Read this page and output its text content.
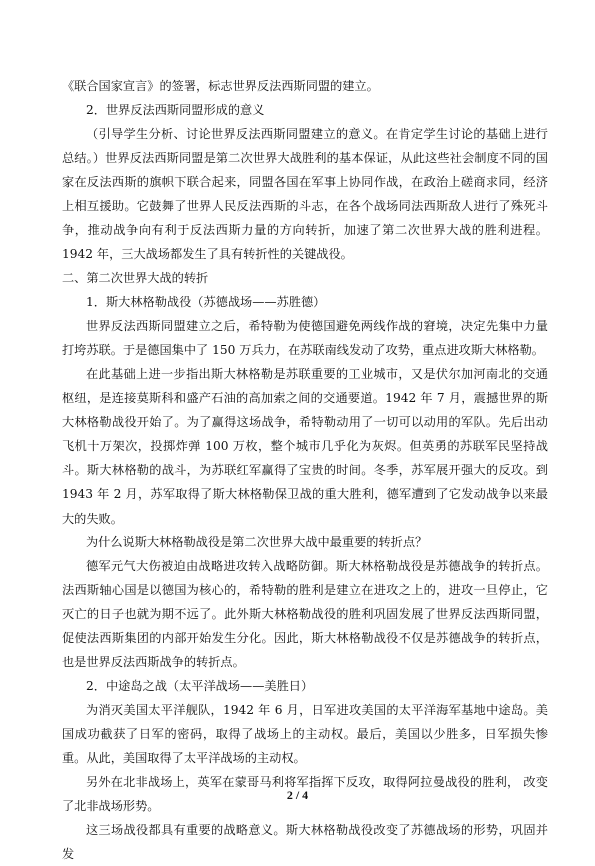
《联合国家宣言》的签署，标志世界反法西斯同盟的建立。

2．世界反法西斯同盟形成的意义

（引导学生分析、讨论世界反法西斯同盟建立的意义。在肯定学生讨论的基础上进行总结。）世界反法西斯同盟是第二次世界大战胜利的基本保证，从此这些社会制度不同的国家在反法西斯的旗帜下联合起来，同盟各国在军事上协同作战，在政治上磋商求同，经济上相互援助。它鼓舞了世界人民反法西斯的斗志，在各个战场同法西斯敌人进行了殊死斗争，推动战争向有利于反法西斯力量的方向转折，加速了第二次世界大战的胜利进程。1942 年，三大战场都发生了具有转折性的关键战役。

二、第二次世界大战的转折

1．斯大林格勒战役（苏德战场——苏胜德）

世界反法西斯同盟建立之后，希特勒为使德国避免两线作战的窘境，决定先集中力量打垮苏联。于是德国集中了 150 万兵力，在苏联南线发动了攻势，重点进攻斯大林格勒。

在此基础上进一步指出斯大林格勒是苏联重要的工业城市，又是伏尔加河南北的交通枢纽，是连接莫斯科和盛产石油的高加索之间的交通要道。1942 年 7 月，震撼世界的斯大林格勒战役开始了。为了赢得这场战争，希特勒动用了一切可以动用的军队。先后出动飞机十万架次，投掷炸弹 100 万枚，整个城市几乎化为灰烬。但英勇的苏联军民坚持战斗。斯大林格勒的战斗，为苏联红军赢得了宝贵的时间。冬季，苏军展开强大的反攻。到 1943 年 2 月，苏军取得了斯大林格勒保卫战的重大胜利，德军遭到了它发动战争以来最大的失败。

为什么说斯大林格勒战役是第二次世界大战中最重要的转折点？

德军元气大伤被迫由战略进攻转入战略防御。斯大林格勒战役是苏德战争的转折点。法西斯轴心国是以德国为核心的，希特勒的胜利是建立在进攻之上的，进攻一旦停止，它灭亡的日子也就为期不远了。此外斯大林格勒战役的胜利巩固发展了世界反法西斯同盟，促使法西斯集团的内部开始发生分化。因此，斯大林格勒战役不仅是苏德战争的转折点，也是世界反法西斯战争的转折点。

2．中途岛之战（太平洋战场——美胜日）

为消灭美国太平洋舰队，1942 年 6 月，日军进攻美国的太平洋海军基地中途岛。美国成功截获了日军的密码，取得了战场上的主动权。最后，美国以少胜多，日军损失惨重。从此，美国取得了太平洋战场的主动权。

另外在北非战场上，英军在蒙哥马利将军指挥下反攻，取得阿拉曼战役的胜利， 改变了北非战场形势。

这三场战役都具有重要的战略意义。斯大林格勒战役改变了苏德战场的形势，巩固并发

2 / 4
